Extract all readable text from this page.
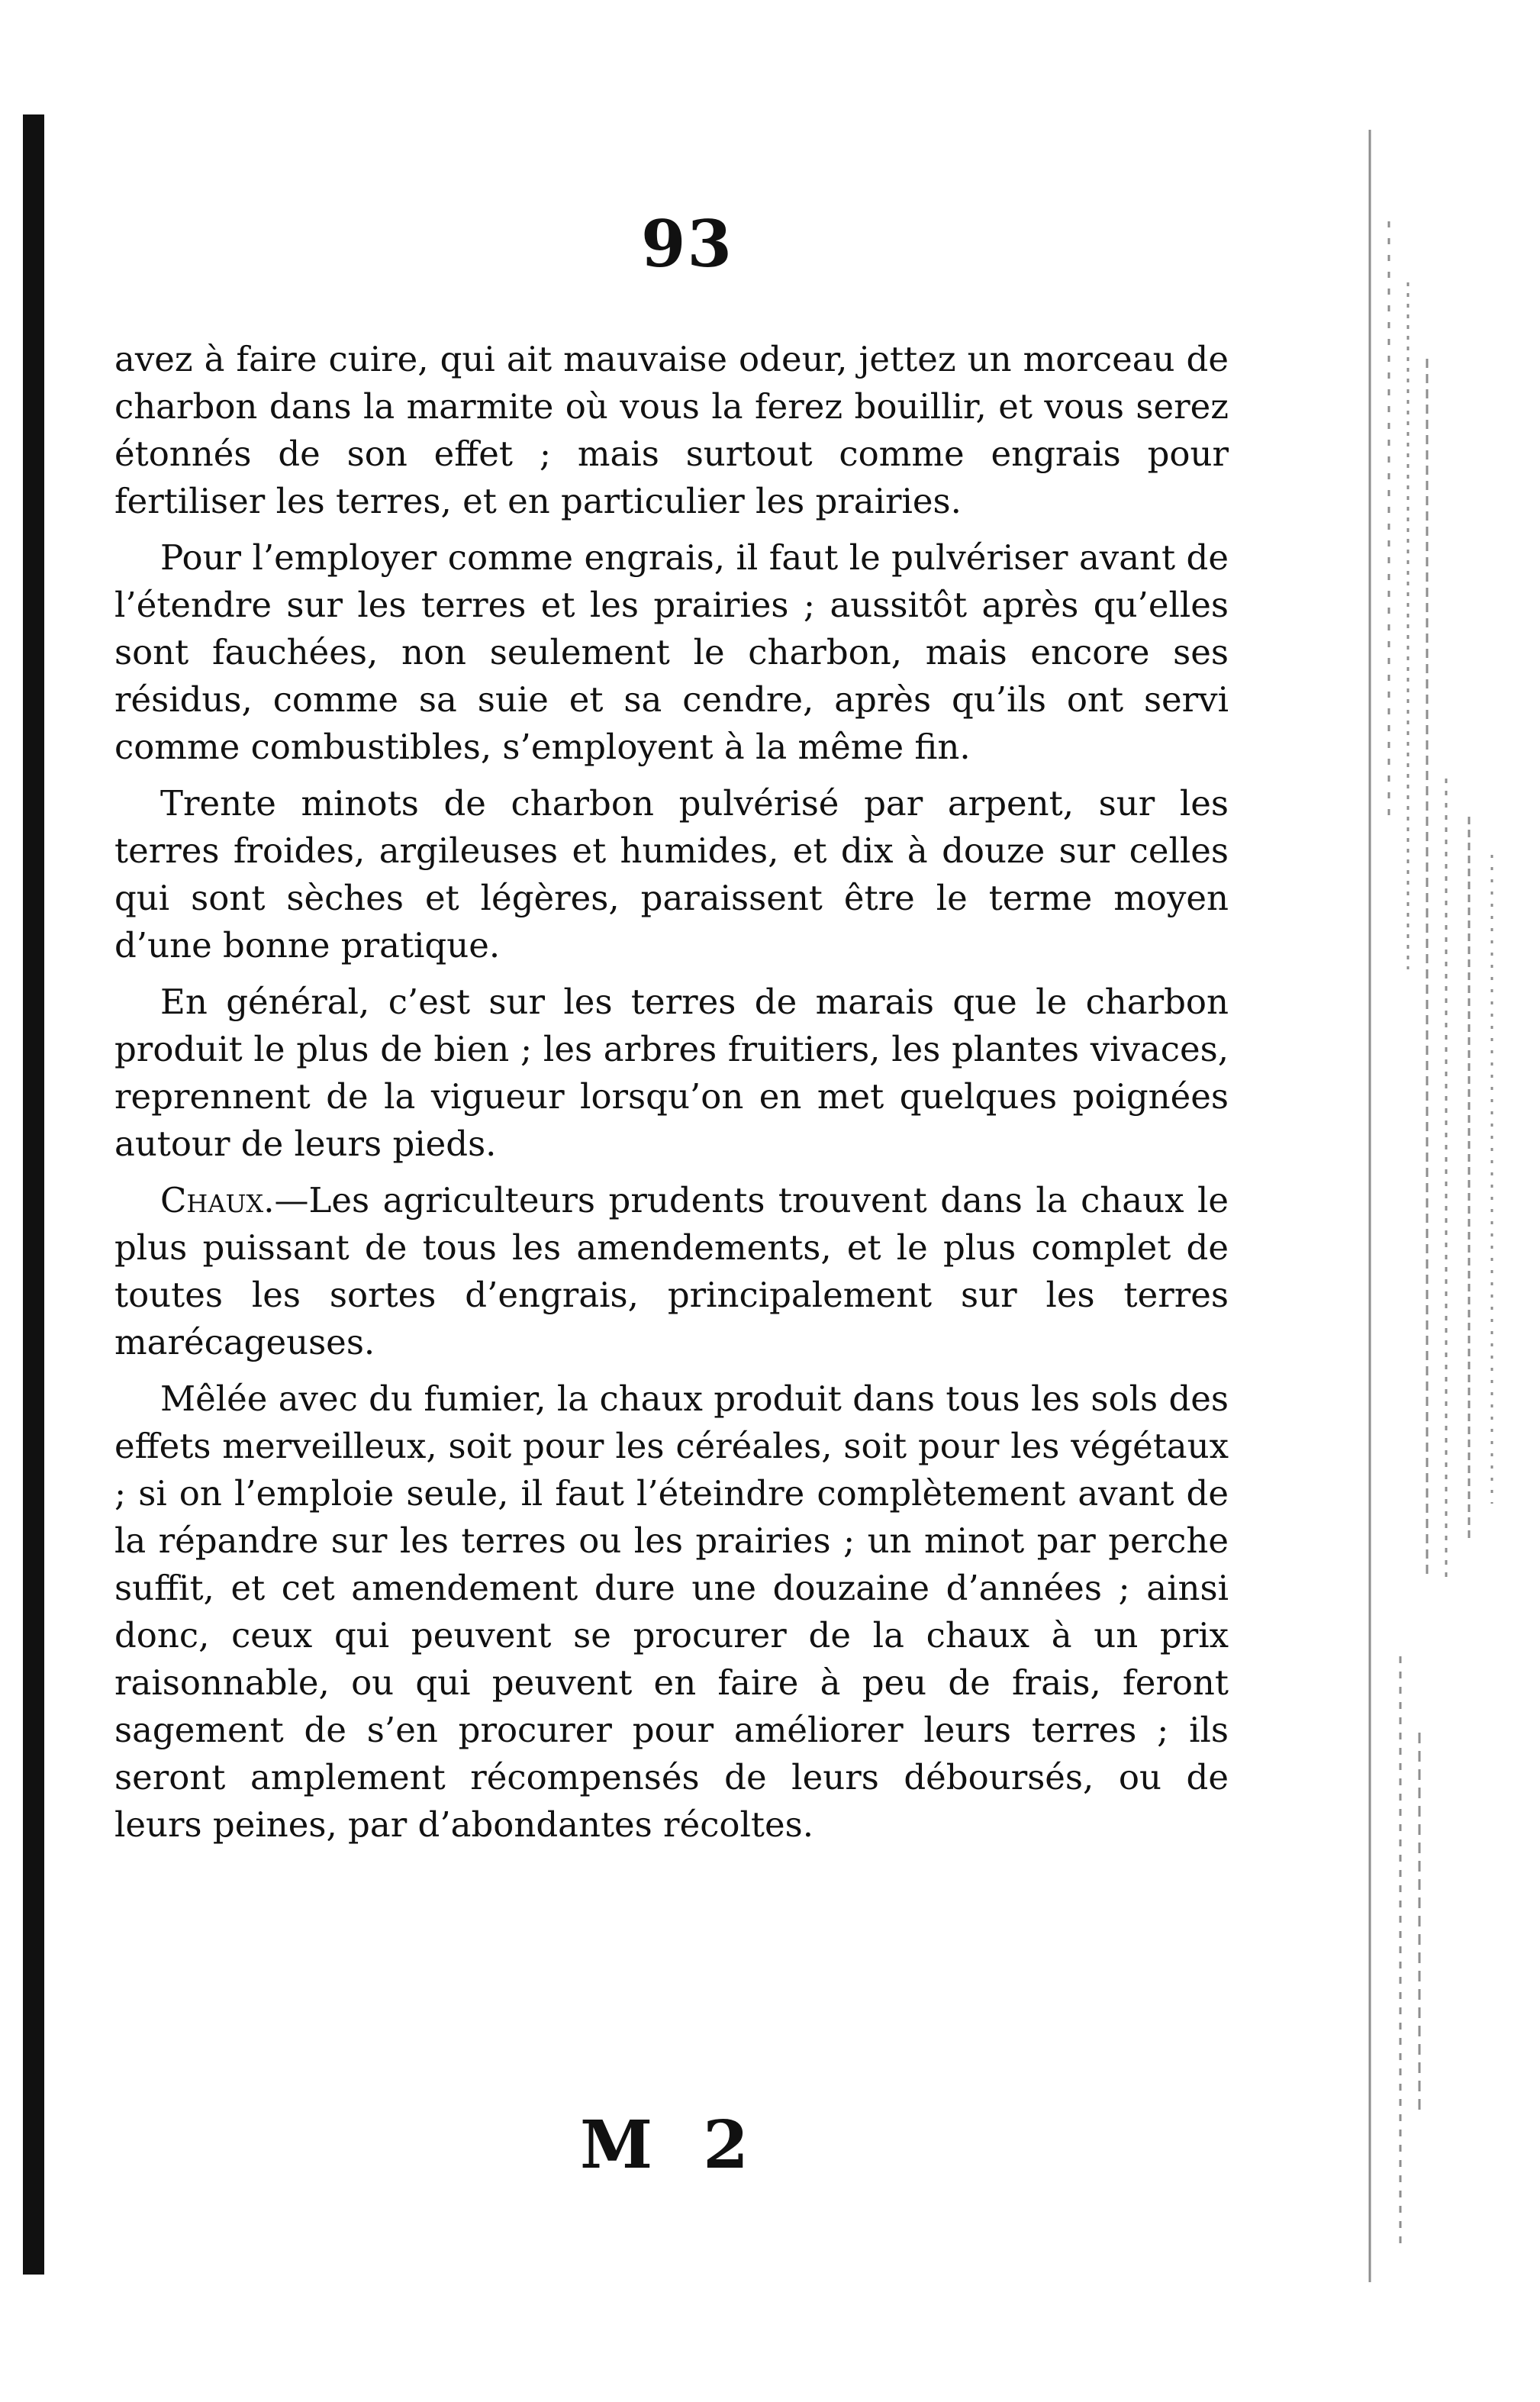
93

avez à faire cuire, qui ait mauvaise odeur, jettez un morceau de charbon dans la marmite où vous la ferez bouillir, et vous serez étonnés de son effet ; mais surtout comme engrais pour fertiliser les terres, et en particulier les prairies.

Pour l’employer comme engrais, il faut le pulvériser avant de l’étendre sur les terres et les prairies ; aussitôt après qu’elles sont fauchées, non seulement le charbon, mais encore ses résidus, comme sa suie et sa cendre, après qu’ils ont servi comme combustibles, s’employent à la même fin.

Trente minots de charbon pulvérisé par arpent, sur les terres froides, argileuses et humides, et dix à douze sur celles qui sont sèches et légères, paraissent être le terme moyen d’une bonne pratique.

En général, c’est sur les terres de marais que le charbon produit le plus de bien ; les arbres fruitiers, les plantes vivaces, reprennent de la vigueur lorsqu’on en met quelques poignées autour de leurs pieds.

Chaux.—Les agriculteurs prudents trouvent dans la chaux le plus puissant de tous les amendements, et le plus complet de toutes les sortes d’engrais, principalement sur les terres marécageuses.

Mêlée avec du fumier, la chaux produit dans tous les sols des effets merveilleux, soit pour les céréales, soit pour les végétaux ; si on l’emploie seule, il faut l’éteindre complètement avant de la répandre sur les terres ou les prairies ; un minot par perche suffit, et cet amendement dure une douzaine d’années ; ainsi donc, ceux qui peuvent se procurer de la chaux à un prix raisonnable, ou qui peuvent en faire à peu de frais, feront sagement de s’en procurer pour améliorer leurs terres ; ils seront amplement récompensés de leurs déboursés, ou de leurs peines, par d’abondantes récoltes.

M 2
